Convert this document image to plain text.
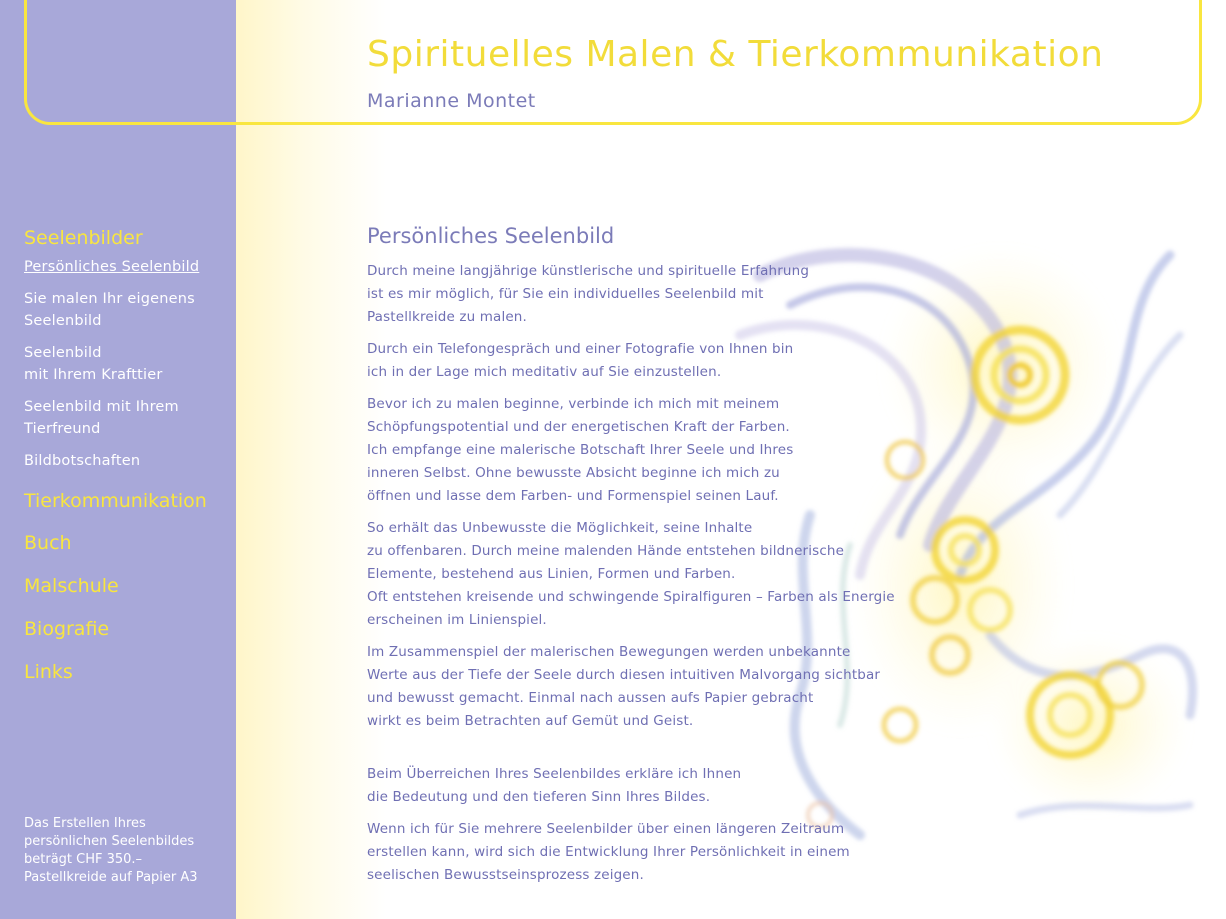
Spirituelles Malen & Tierkommunikation
Marianne Montet
Seelenbilder
Persönliches Seelenbild
Sie malen Ihr eigenens
Seelenbild
Seelenbild
mit Ihrem Krafttier
Seelenbild mit Ihrem
Tierfreund
Bildbotschaften
Tierkommunikation
Buch
Malschule
Biografie
Links
Das Erstellen Ihres
persönlichen Seelenbildes
beträgt CHF 350.–
Pastellkreide auf Papier A3
Persönliches Seelenbild

Durch meine langjährige künstlerische und spirituelle Erfahrung
ist es mir möglich, für Sie ein individuelles Seelenbild mit
Pastellkreide zu malen.

Durch ein Telefongespräch und einer Fotografie von Ihnen bin
ich in der Lage mich meditativ auf Sie einzustellen.

Bevor ich zu malen beginne, verbinde ich mich mit meinem
Schöpfungspotential und der energetischen Kraft der Farben.
Ich empfange eine malerische Botschaft Ihrer Seele und Ihres
inneren Selbst. Ohne bewusste Absicht beginne ich mich zu
öffnen und lasse dem Farben- und Formenspiel seinen Lauf.

So erhält das Unbewusste die Möglichkeit, seine Inhalte
zu offenbaren. Durch meine malenden Hände entstehen bildnerische
Elemente, bestehend aus Linien, Formen und Farben.
Oft entstehen kreisende und schwingende Spiralfiguren – Farben als Energie
erscheinen im Linienspiel.

Im Zusammenspiel der malerischen Bewegungen werden unbekannte
Werte aus der Tiefe der Seele durch diesen intuitiven Malvorgang sichtbar
und bewusst gemacht. Einmal nach aussen aufs Papier gebracht
wirkt es beim Betrachten auf Gemüt und Geist.

Beim Überreichen Ihres Seelenbildes erkläre ich Ihnen
die Bedeutung und den tieferen Sinn Ihres Bildes.

Wenn ich für Sie mehrere Seelenbilder über einen längeren Zeitraum
erstellen kann, wird sich die Entwicklung Ihrer Persönlichkeit in einem
seelischen Bewusstseinsprozess zeigen.
